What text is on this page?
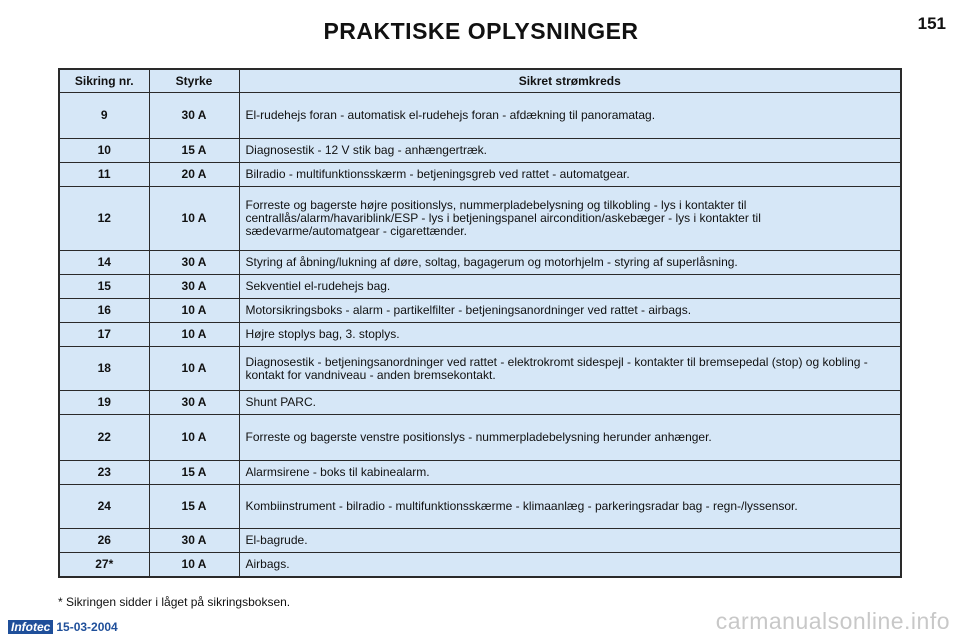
PRAKTISKE OPLYSNINGER	151
Sikring nr.	Styrke	Sikret strømkreds
9	30 A	El-rudehejs foran - automatisk el-rudehejs foran - afdækning til panoramatag.
10	15 A	Diagnosestik - 12 V stik bag - anhængertræk.
11	20 A	Bilradio - multifunktionsskærm - betjeningsgreb ved rattet - automatgear.
12	10 A	Forreste og bagerste højre positionslys, nummerpladebelysning og tilkobling - lys i kontakter til centrallås/alarm/havariblink/ESP - lys i betjeningspanel aircondition/askebæger - lys i kontakter til sædevarme/automatgear - cigarettænder.
14	30 A	Styring af åbning/lukning af døre, soltag, bagagerum og motorhjelm - styring af superlåsning.
15	30 A	Sekventiel el-rudehejs bag.
16	10 A	Motorsikringsboks - alarm - partikelfilter - betjeningsanordninger ved rattet - airbags.
17	10 A	Højre stoplys bag, 3. stoplys.
18	10 A	Diagnosestik - betjeningsanordninger ved rattet - elektrokromt sidespejl - kontakter til bremsepedal (stop) og kobling - kontakt for vandniveau - anden bremsekontakt.
19	30 A	Shunt PARC.
22	10 A	Forreste og bagerste venstre positionslys - nummerpladebelysning herunder anhænger.
23	15 A	Alarmsirene - boks til kabinealarm.
24	15 A	Kombiinstrument - bilradio - multifunktionsskærme - klimaanlæg - parkeringsradar bag - regn-/lyssensor.
26	30 A	El-bagrude.
27*	10 A	Airbags.
* Sikringen sidder i låget på sikringsboksen.
Infotec 15-03-2004	carmanualsonline.info
